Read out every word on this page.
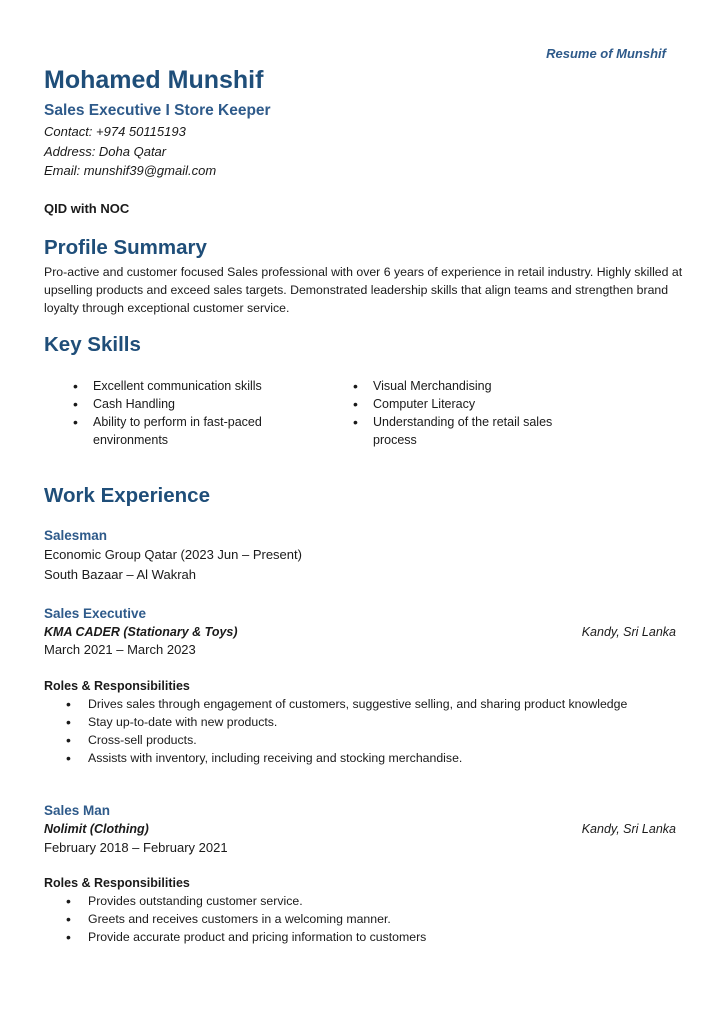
Resume of Munshif
Mohamed Munshif
Sales Executive I Store Keeper
Contact: +974 50115193
Address: Doha Qatar
Email: munshif39@gmail.com
QID with NOC
Profile Summary
Pro-active and customer focused Sales professional with over 6 years of experience in retail industry. Highly skilled at upselling products and exceed sales targets. Demonstrated leadership skills that align teams and strengthen brand loyalty through exceptional customer service.
Key Skills
• Excellent communication skills
• Cash Handling
• Ability to perform in fast-paced environments
• Visual Merchandising
• Computer Literacy
• Understanding of the retail sales process
Work Experience
Salesman
Economic Group Qatar (2023 Jun – Present)
South Bazaar – Al Wakrah
Sales Executive
KMA CADER (Stationary & Toys)	Kandy, Sri Lanka
March 2021 – March 2023
Roles & Responsibilities
• Drives sales through engagement of customers, suggestive selling, and sharing product knowledge
• Stay up-to-date with new products.
• Cross-sell products.
• Assists with inventory, including receiving and stocking merchandise.
Sales Man
Nolimit (Clothing)	Kandy, Sri Lanka
February 2018 – February 2021
Roles & Responsibilities
• Provides outstanding customer service.
• Greets and receives customers in a welcoming manner.
• Provide accurate product and pricing information to customers
